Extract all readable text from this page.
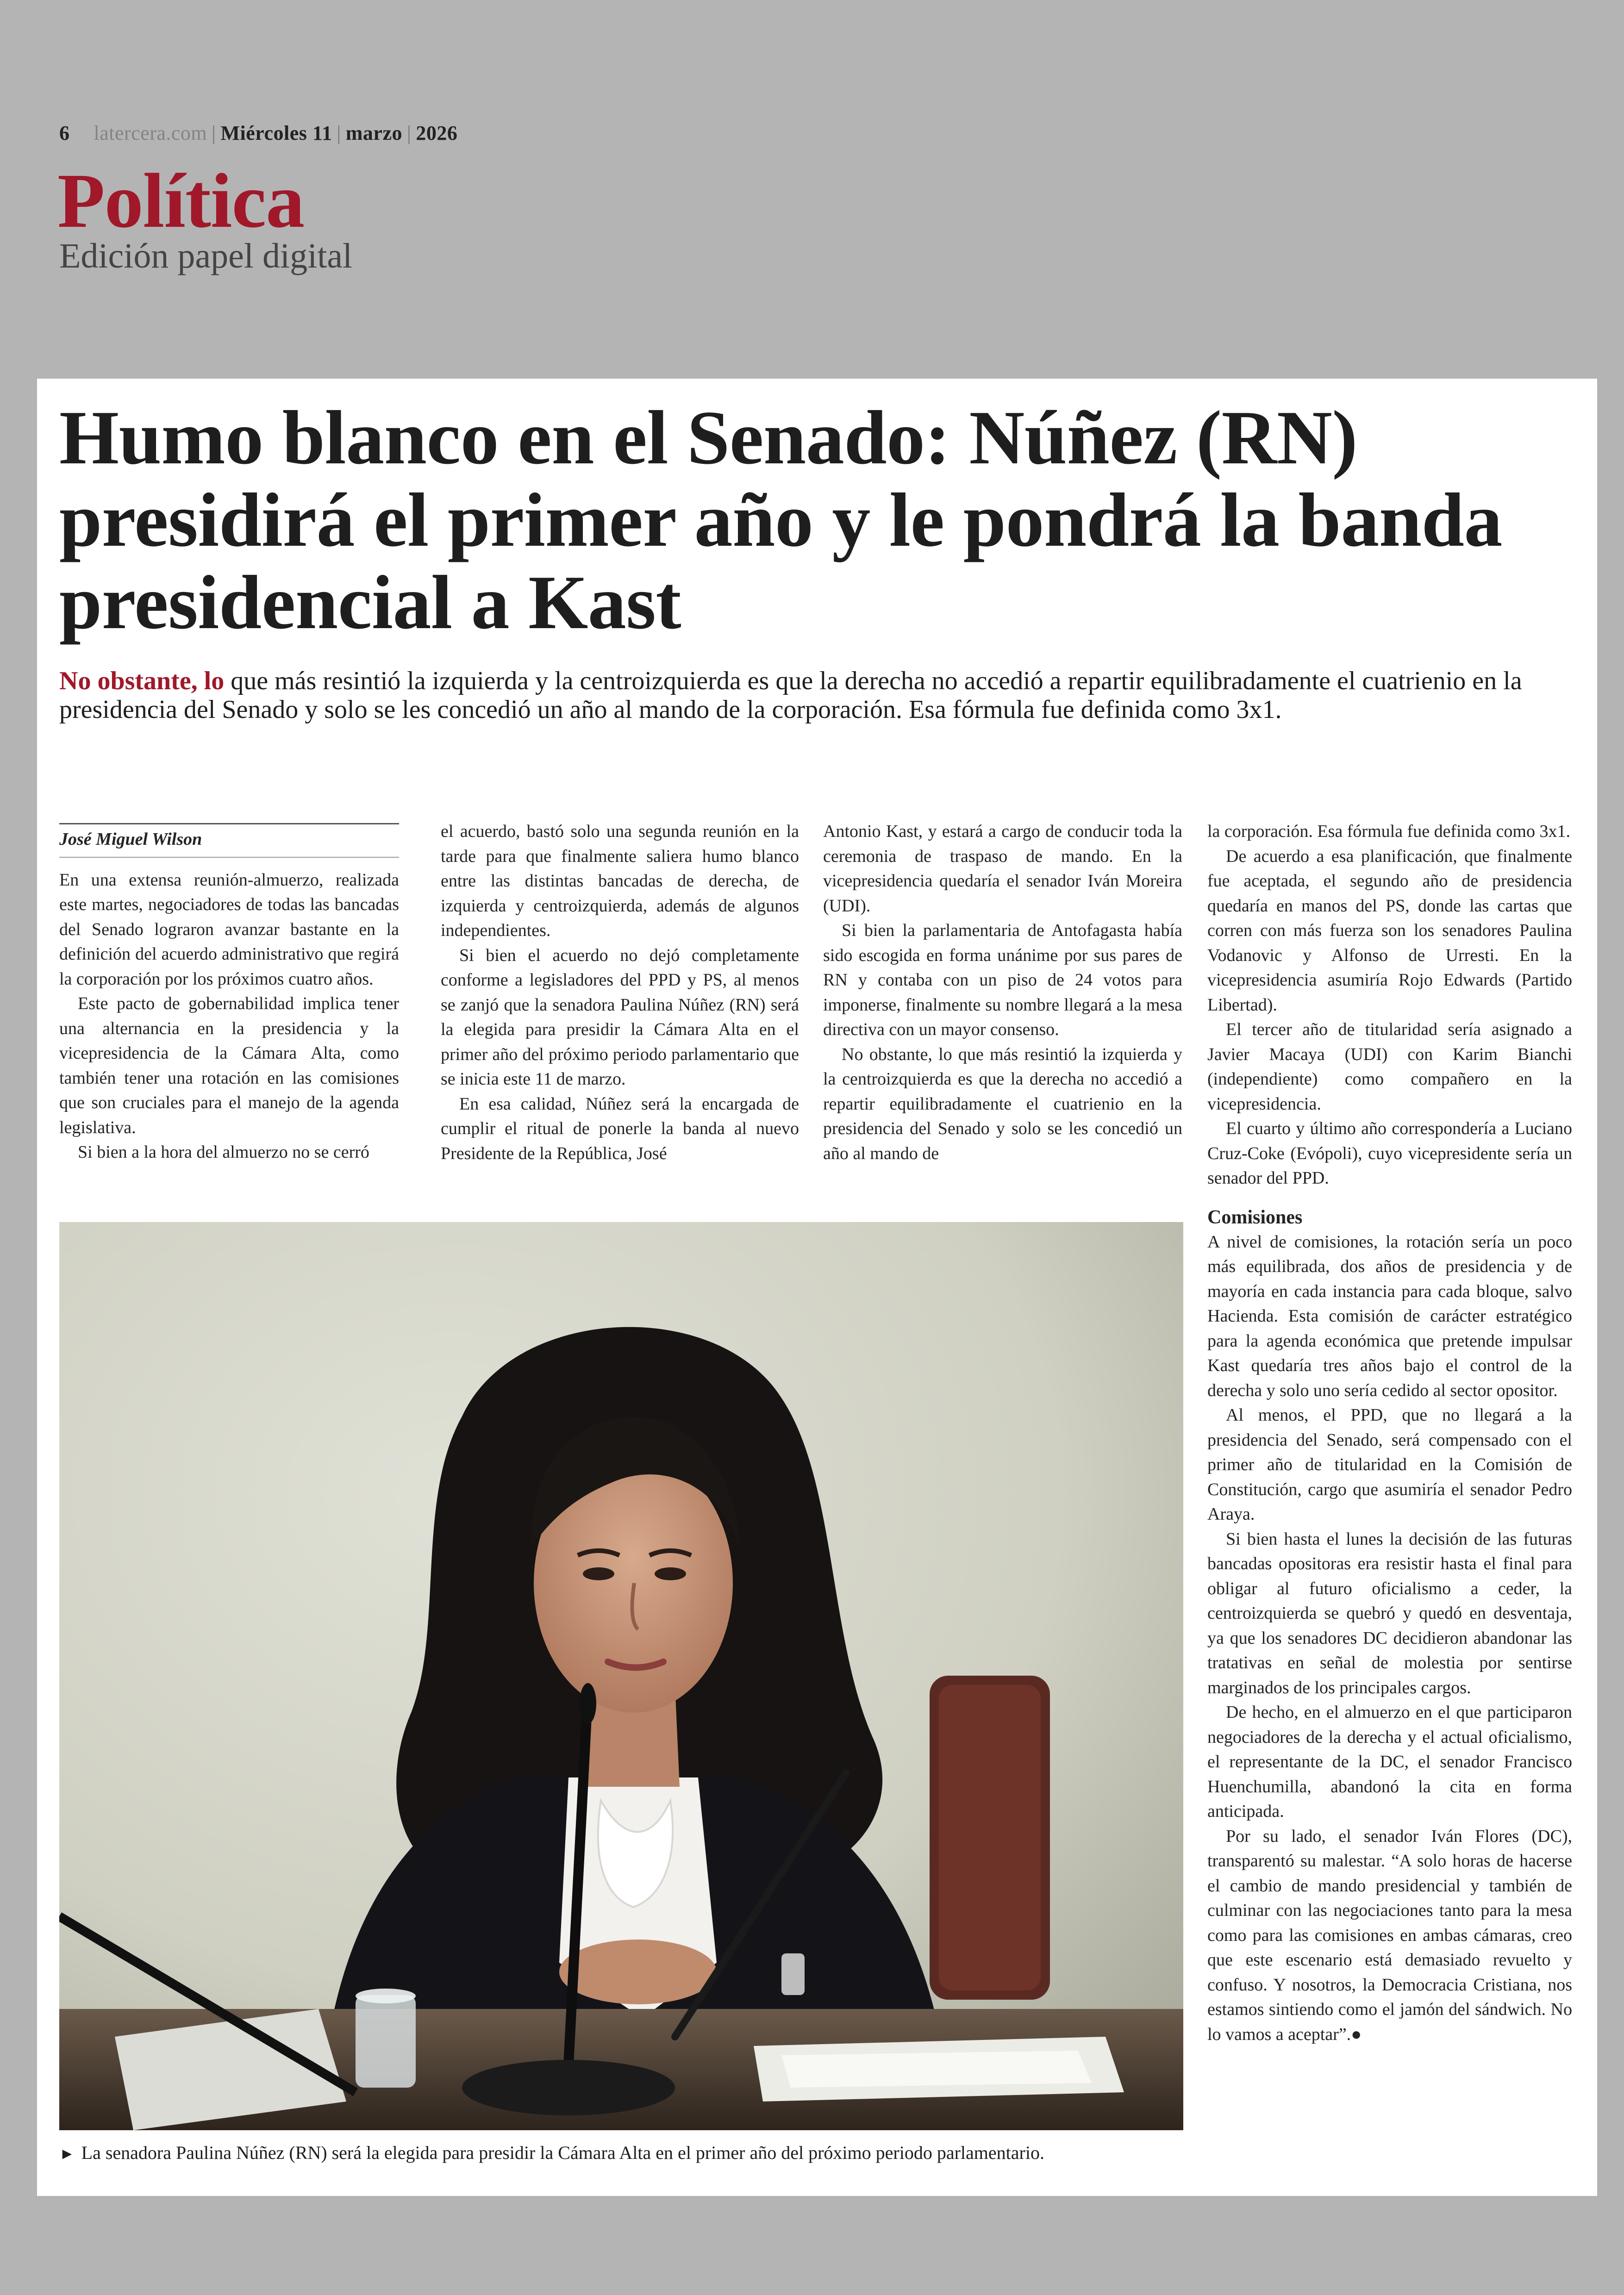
6 latercera.com | Miércoles 11 | marzo | 2026
Política
Edición papel digital
Humo blanco en el Senado: Núñez (RN) presidirá el primer año y le pondrá la banda presidencial a Kast
No obstante, lo que más resintió la izquierda y la centroizquierda es que la derecha no accedió a repartir equilibradamente el cuatrienio en la presidencia del Senado y solo se les concedió un año al mando de la corporación. Esa fórmula fue definida como 3x1.
José Miguel Wilson

En una extensa reunión-almuerzo, realizada este martes, negociadores de todas las bancadas del Senado lograron avanzar bastante en la definición del acuerdo administrativo que regirá la corporación por los próximos cuatro años.

Este pacto de gobernabilidad implica tener una alternancia en la presidencia y la vicepresidencia de la Cámara Alta, como también tener una rotación en las comisiones que son cruciales para el manejo de la agenda legislativa.

Si bien a la hora del almuerzo no se cerró

el acuerdo, bastó solo una segunda reunión en la tarde para que finalmente saliera humo blanco entre las distintas bancadas de derecha, de izquierda y centroizquierda, además de algunos independientes.

Si bien el acuerdo no dejó completamente conforme a legisladores del PPD y PS, al menos se zanjó que la senadora Paulina Núñez (RN) será la elegida para presidir la Cámara Alta en el primer año del próximo periodo parlamentario que se inicia este 11 de marzo.

En esa calidad, Núñez será la encargada de cumplir el ritual de ponerle la banda al nuevo Presidente de la República, José

Antonio Kast, y estará a cargo de conducir toda la ceremonia de traspaso de mando. En la vicepresidencia quedaría el senador Iván Moreira (UDI).

Si bien la parlamentaria de Antofagasta había sido escogida en forma unánime por sus pares de RN y contaba con un piso de 24 votos para imponerse, finalmente su nombre llegará a la mesa directiva con un mayor consenso.

No obstante, lo que más resintió la izquierda y la centroizquierda es que la derecha no accedió a repartir equilibradamente el cuatrienio en la presidencia del Senado y solo se les concedió un año al mando de

la corporación. Esa fórmula fue definida como 3x1.

De acuerdo a esa planificación, que finalmente fue aceptada, el segundo año de presidencia quedaría en manos del PS, donde las cartas que corren con más fuerza son los senadores Paulina Vodanovic y Alfonso de Urresti. En la vicepresidencia asumiría Rojo Edwards (Partido Libertad).

El tercer año de titularidad sería asignado a Javier Macaya (UDI) con Karim Bianchi (independiente) como compañero en la vicepresidencia.

El cuarto y último año correspondería a Luciano Cruz-Coke (Evópoli), cuyo vicepresidente sería un senador del PPD.

Comisiones

A nivel de comisiones, la rotación sería un poco más equilibrada, dos años de presidencia y de mayoría en cada instancia para cada bloque, salvo Hacienda. Esta comisión de carácter estratégico para la agenda económica que pretende impulsar Kast quedaría tres años bajo el control de la derecha y solo uno sería cedido al sector opositor.

Al menos, el PPD, que no llegará a la presidencia del Senado, será compensado con el primer año de titularidad en la Comisión de Constitución, cargo que asumiría el senador Pedro Araya.

Si bien hasta el lunes la decisión de las futuras bancadas opositoras era resistir hasta el final para obligar al futuro oficialismo a ceder, la centroizquierda se quebró y quedó en desventaja, ya que los senadores DC decidieron abandonar las tratativas en señal de molestia por sentirse marginados de los principales cargos.

De hecho, en el almuerzo en el que participaron negociadores de la derecha y el actual oficialismo, el representante de la DC, el senador Francisco Huenchumilla, abandonó la cita en forma anticipada.

Por su lado, el senador Iván Flores (DC), transparentó su malestar. “A solo horas de hacerse el cambio de mando presidencial y también de culminar con las negociaciones tanto para la mesa como para las comisiones en ambas cámaras, creo que este escenario está demasiado revuelto y confuso. Y nosotros, la Democracia Cristiana, nos estamos sintiendo como el jamón del sándwich. No lo vamos a aceptar”.●

► La senadora Paulina Núñez (RN) será la elegida para presidir la Cámara Alta en el primer año del próximo periodo parlamentario.
